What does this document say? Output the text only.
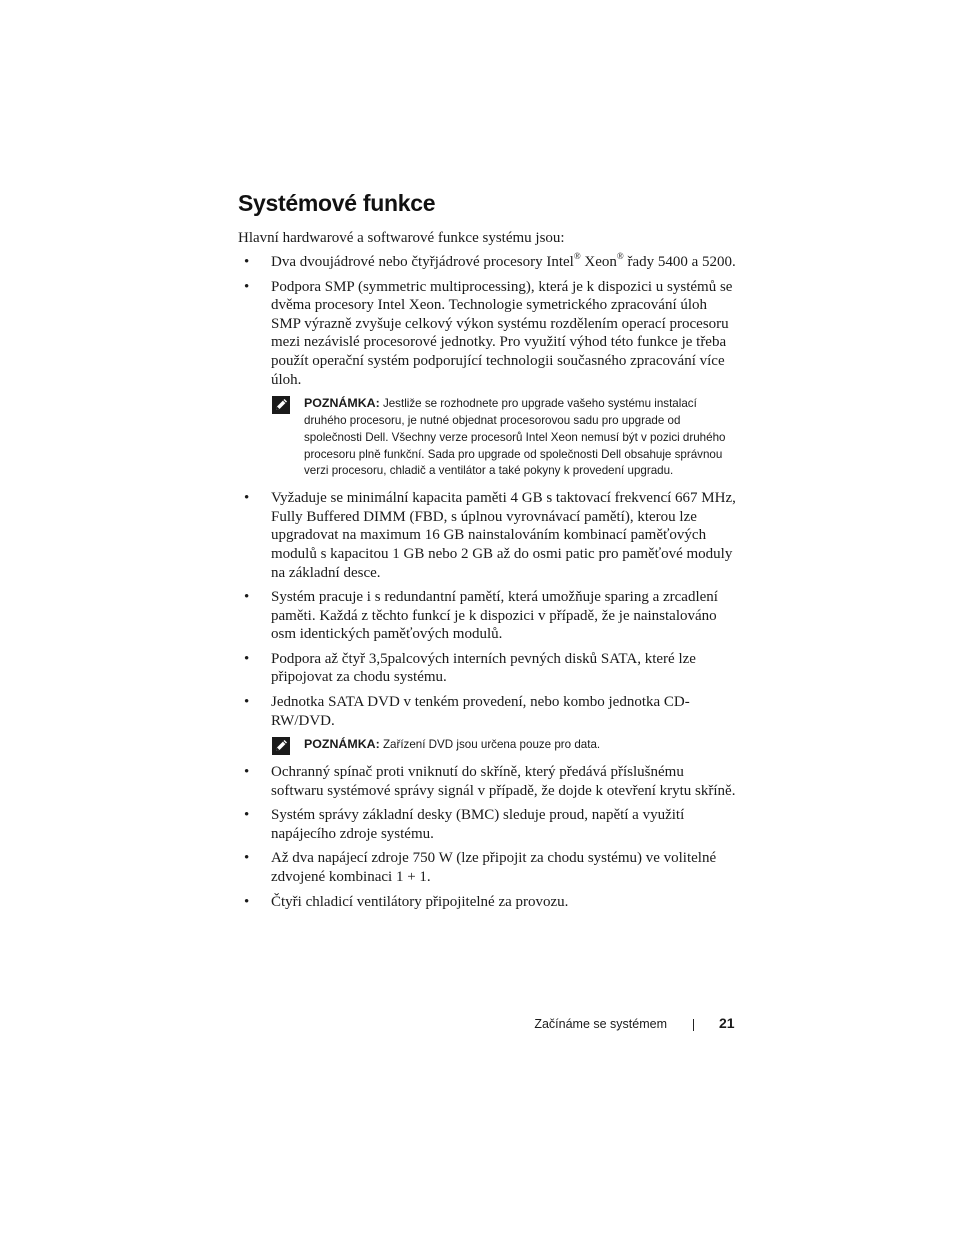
Systémové funkce

Hlavní hardwarové a softwarové funkce systému jsou:

•	Dva dvoujádrové nebo čtyřjádrové procesory Intel® Xeon® řady 5400 a 5200.
•	Podpora SMP (symmetric multiprocessing), která je k dispozici u systémů se dvěma procesory Intel Xeon. Technologie symetrického zpracování úloh SMP výrazně zvyšuje celkový výkon systému rozdělením operací procesoru mezi nezávislé procesorové jednotky. Pro využití výhod této funkce je třeba použít operační systém podporující technologii současného zpracování více úloh.
POZNÁMKA: Jestliže se rozhodnete pro upgrade vašeho systému instalací druhého procesoru, je nutné objednat procesorovou sadu pro upgrade od společnosti Dell. Všechny verze procesorů Intel Xeon nemusí být v pozici druhého procesoru plně funkční. Sada pro upgrade od společnosti Dell obsahuje správnou verzi procesoru, chladič a ventilátor a také pokyny k provedení upgradu.
•	Vyžaduje se minimální kapacita paměti 4 GB s taktovací frekvencí 667 MHz, Fully Buffered DIMM (FBD, s úplnou vyrovnávací pamětí), kterou lze upgradovat na maximum 16 GB nainstalováním kombinací paměťových modulů s kapacitou 1 GB nebo 2 GB až do osmi patic pro paměťové moduly na základní desce.
•	Systém pracuje i s redundantní pamětí, která umožňuje sparing a zrcadlení paměti. Každá z těchto funkcí je k dispozici v případě, že je nainstalováno osm identických paměťových modulů.
•	Podpora až čtyř 3,5palcových interních pevných disků SATA, které lze připojovat za chodu systému.
•	Jednotka SATA DVD v tenkém provedení, nebo kombo jednotka CD-RW/DVD.
POZNÁMKA: Zařízení DVD jsou určena pouze pro data.
•	Ochranný spínač proti vniknutí do skříně, který předává příslušnému softwaru systémové správy signál v případě, že dojde k otevření krytu skříně.
•	Systém správy základní desky (BMC) sleduje proud, napětí a využití napájecího zdroje systému.
•	Až dva napájecí zdroje 750 W (lze připojit za chodu systému) ve volitelné zdvojené kombinaci 1 + 1.
•	Čtyři chladicí ventilátory připojitelné za provozu.
Začínáme se systémem	21
